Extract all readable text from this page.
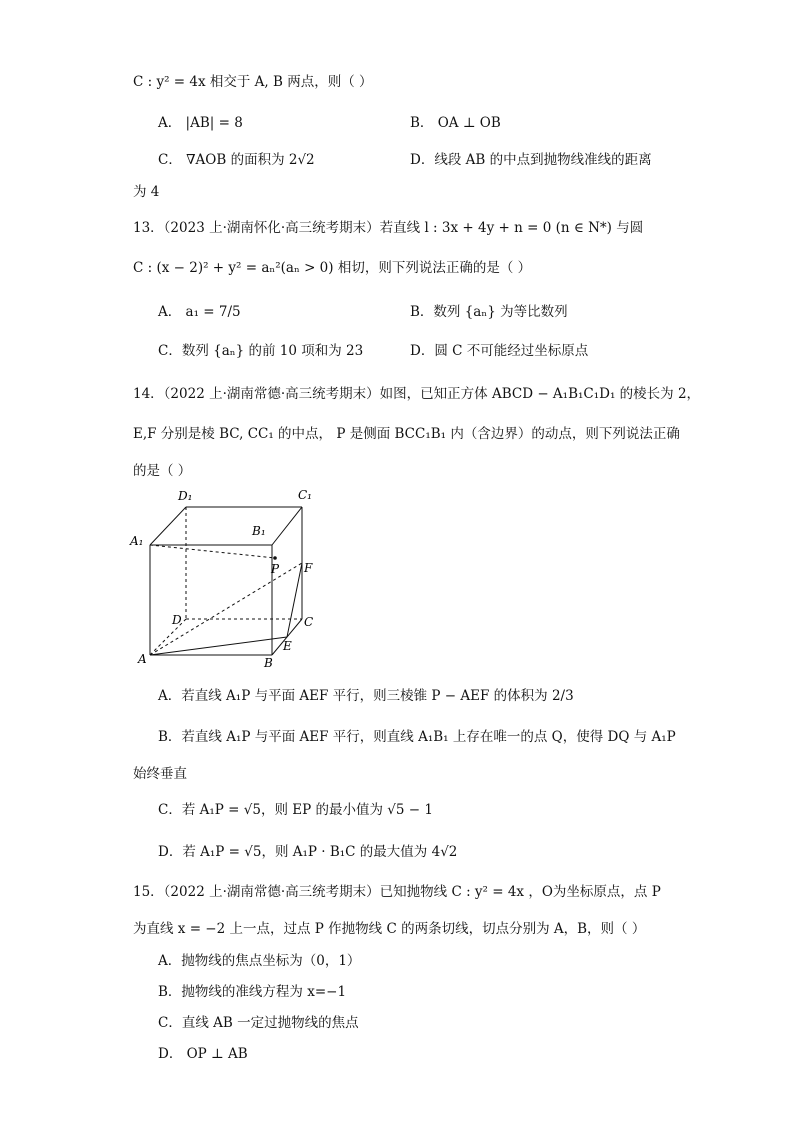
C : y² = 4x 相交于 A, B 两点，则（ ）
A． |AB| = 8	B． OA ⊥ OB
C． ∇AOB 的面积为 2√2	D．线段 AB 的中点到抛物线准线的距离
为 4
13．（2023 上·湖南怀化·高三统考期末）若直线 l : 3x + 4y + n = 0 (n ∈ N*) 与圆
C : (x − 2)² + y² = aₙ²(aₙ > 0) 相切，则下列说法正确的是（ ）
A． a₁ = 7/5	B．数列 {aₙ} 为等比数列
C．数列 {aₙ} 的前 10 项和为 23	D．圆 C 不可能经过坐标原点
14．（2022 上·湖南常德·高三统考期末）如图，已知正方体 ABCD − A₁B₁C₁D₁ 的棱长为 2，
E,F 分别是棱 BC, CC₁ 的中点， P 是侧面 BCC₁B₁ 内（含边界）的动点，则下列说法正确
的是（ ）
A₁
B₁
C₁
D₁
A	B
C
D
E
F
P
A．若直线 A₁P 与平面 AEF 平行，则三棱锥 P − AEF 的体积为 2/3
B．若直线 A₁P 与平面 AEF 平行，则直线 A₁B₁ 上存在唯一的点 Q，使得 DQ 与 A₁P
始终垂直
C．若 A₁P = √5，则 EP 的最小值为 √5 − 1
D．若 A₁P = √5，则 A₁P · B₁C 的最大值为 4√2
15．（2022 上·湖南常德·高三统考期末）已知抛物线 C : y² = 4x ，O为坐标原点，点 P
为直线 x = −2 上一点，过点 P 作抛物线 C 的两条切线，切点分别为 A，B，则（ ）
A．抛物线的焦点坐标为（0，1）
B．抛物线的准线方程为 x=−1
C．直线 AB 一定过抛物线的焦点
D． OP ⊥ AB
